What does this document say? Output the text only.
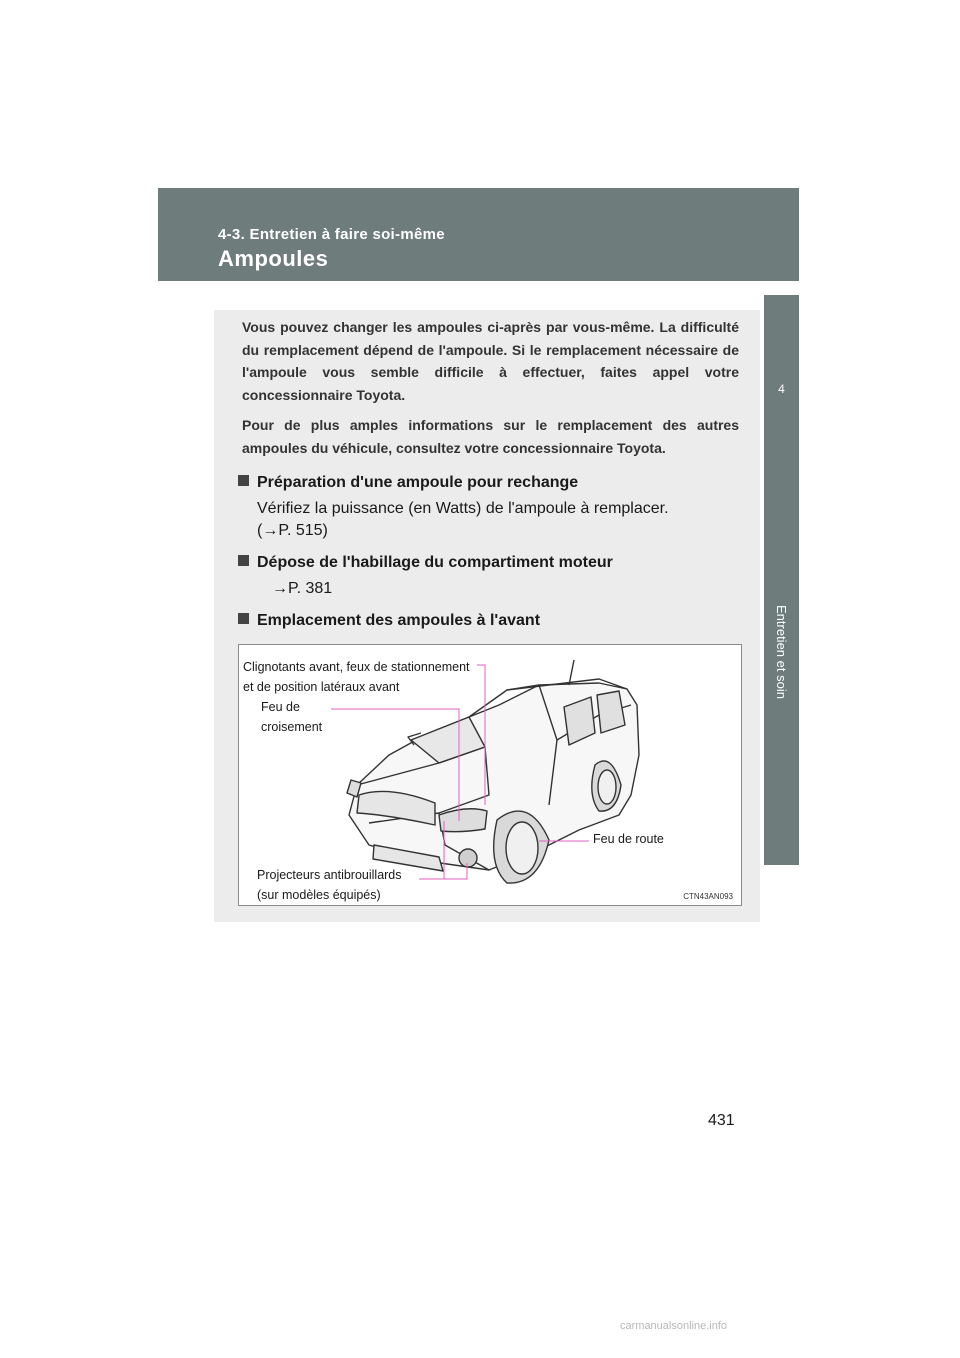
4-3. Entretien à faire soi-même
Ampoules
4
Entretien et soin

Vous pouvez changer les ampoules ci-après par vous-même. La difficulté du remplacement dépend de l'ampoule. Si le remplacement nécessaire de l'ampoule vous semble difficile à effectuer, faites appel votre concessionnaire Toyota.

Pour de plus amples informations sur le remplacement des autres ampoules du véhicule, consultez votre concessionnaire Toyota.

Préparation d'une ampoule pour rechange
Vérifiez la puissance (en Watts) de l'ampoule à remplacer.
(→P. 515)
Dépose de l'habillage du compartiment moteur
→P. 381
Emplacement des ampoules à l'avant
Clignotants avant, feux de stationnement
et de position latéraux avant
Feu de
croisement
Feu de route
Projecteurs antibrouillards
(sur modèles équipés)	CTN43AN093
431
carmanualsonline.info
